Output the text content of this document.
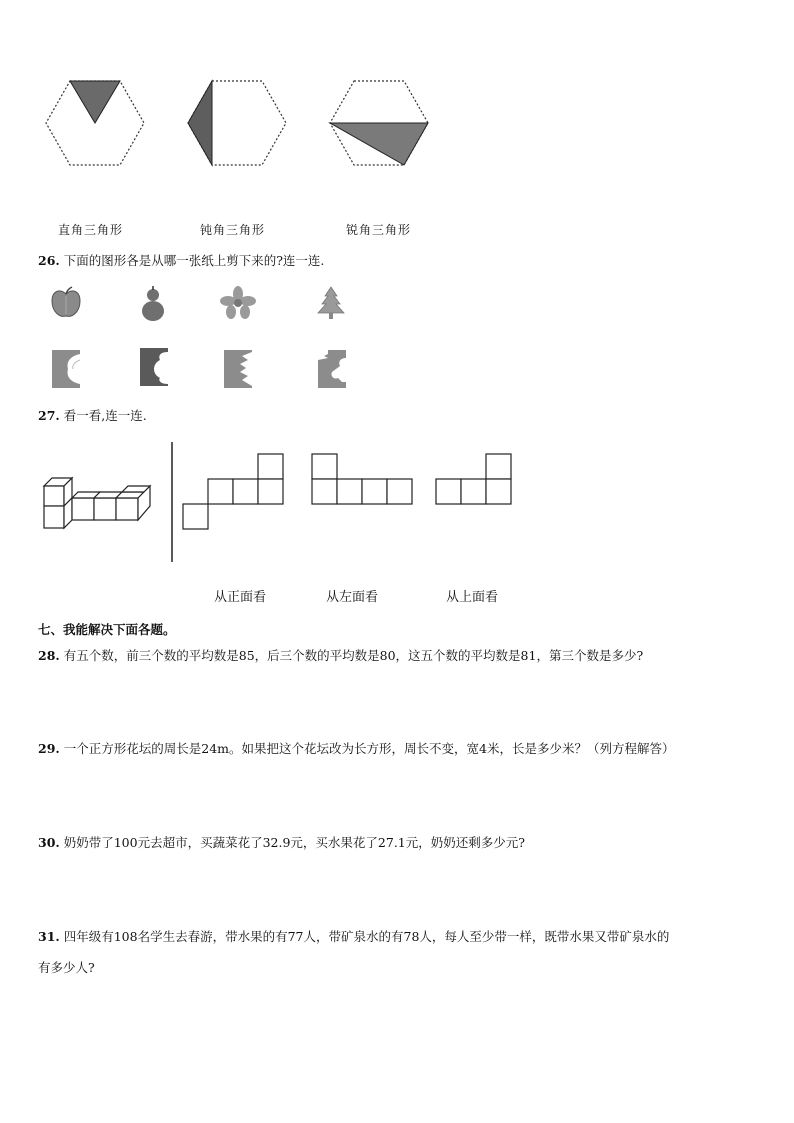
直角三角形	钝角三角形	锐角三角形
26. 下面的图形各是从哪一张纸上剪下来的?连一连.
27. 看一看,连一连.
从正面看	从左面看	从上面看
七、我能解决下面各题。
28. 有五个数，前三个数的平均数是85，后三个数的平均数是80，这五个数的平均数是81，第三个数是多少?
29. 一个正方形花坛的周长是24m。如果把这个花坛改为长方形，周长不变，宽4米，长是多少米？（列方程解答）
30. 奶奶带了100元去超市，买蔬菜花了32.9元，买水果花了27.1元，奶奶还剩多少元?
31. 四年级有108名学生去春游，带水果的有77人，带矿泉水的有78人，每人至少带一样，既带水果又带矿泉水的
有多少人?
